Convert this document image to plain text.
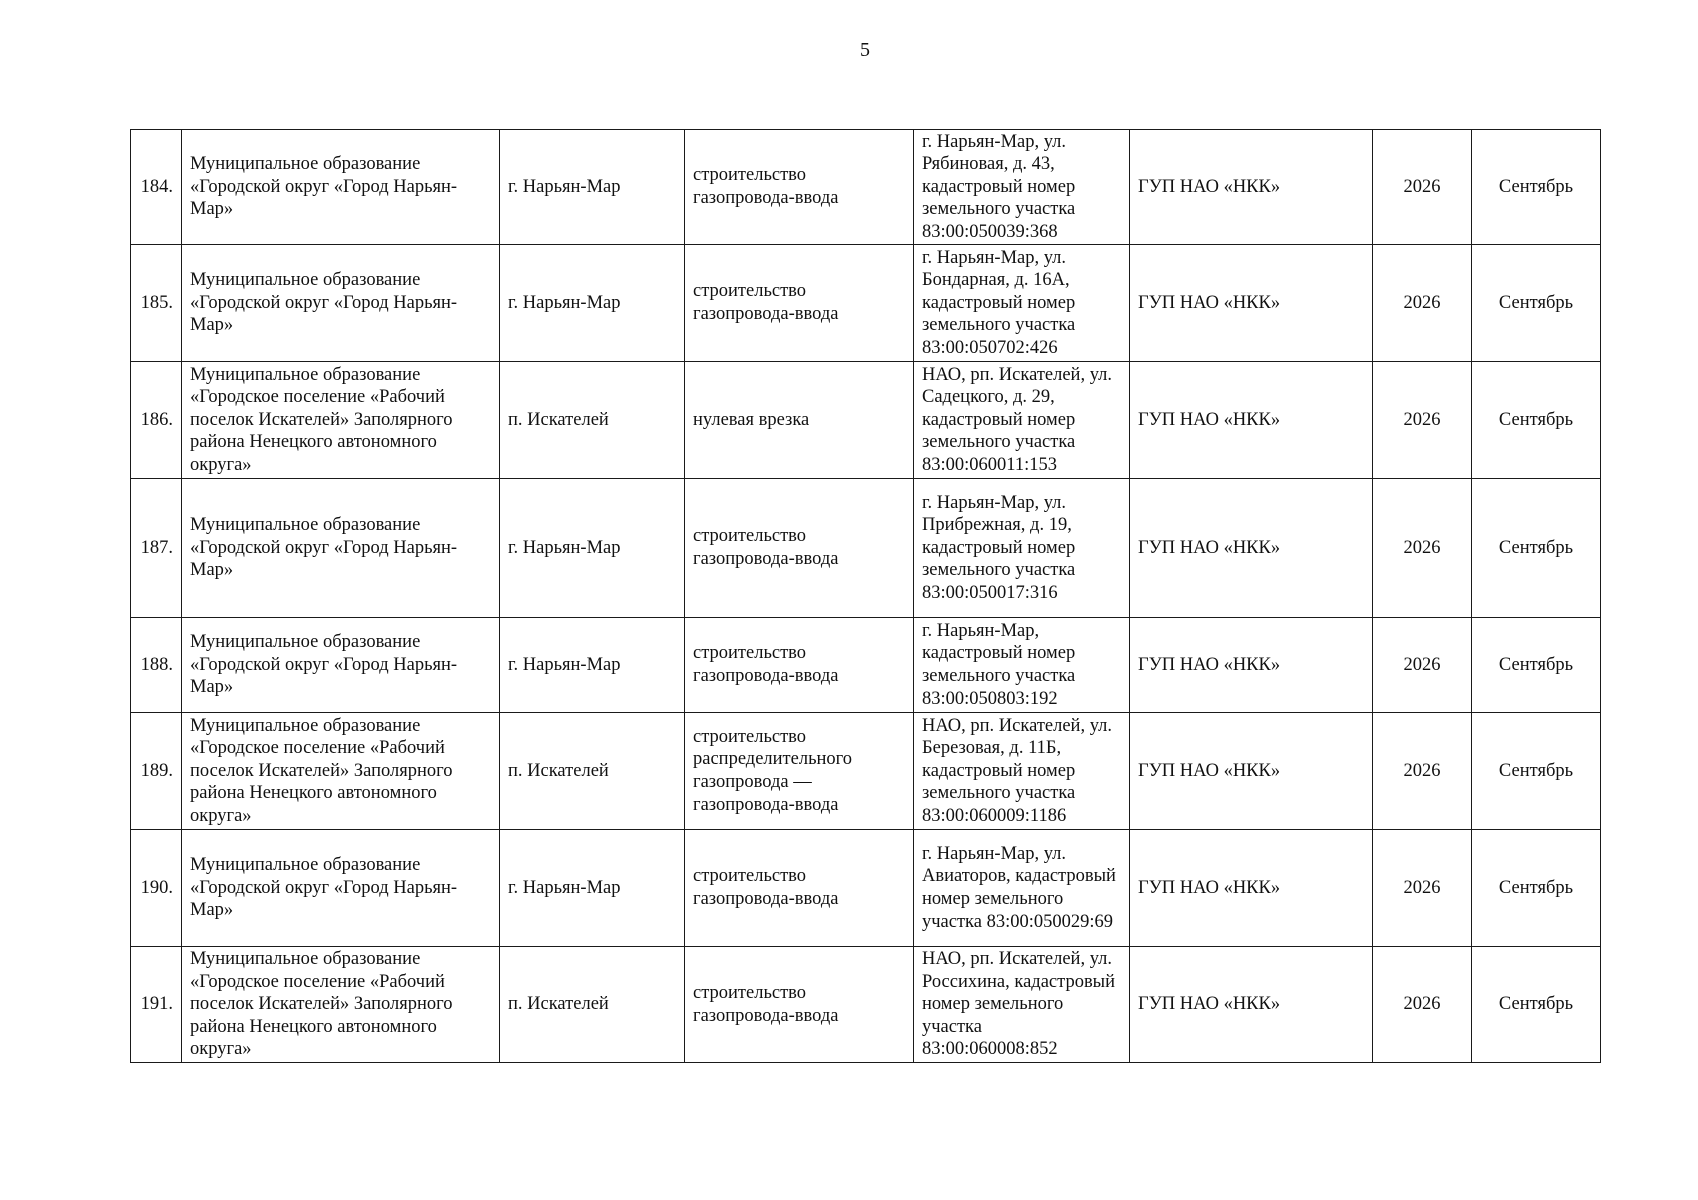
5
184.	Муниципальное образование «Городской округ «Город Нарьян-Мар»	г. Нарьян-Мар	строительство газопровода-ввода	г. Нарьян-Мар, ул. Рябиновая, д. 43, кадастровый номер земельного участка 83:00:050039:368	ГУП НАО «НКК»	2026	Сентябрь
185.	Муниципальное образование «Городской округ «Город Нарьян-Мар»	г. Нарьян-Мар	строительство газопровода-ввода	г. Нарьян-Мар, ул. Бондарная, д. 16А, кадастровый номер земельного участка 83:00:050702:426	ГУП НАО «НКК»	2026	Сентябрь
186.	Муниципальное образование «Городское поселение «Рабочий поселок Искателей» Заполярного района Ненецкого автономного округа»	п. Искателей	нулевая врезка	НАО, рп. Искателей, ул. Садецкого, д. 29, кадастровый номер земельного участка 83:00:060011:153	ГУП НАО «НКК»	2026	Сентябрь
187.	Муниципальное образование «Городской округ «Город Нарьян-Мар»	г. Нарьян-Мар	строительство газопровода-ввода	г. Нарьян-Мар, ул. Прибрежная, д. 19, кадастровый номер земельного участка 83:00:050017:316	ГУП НАО «НКК»	2026	Сентябрь
188.	Муниципальное образование «Городской округ «Город Нарьян-Мар»	г. Нарьян-Мар	строительство газопровода-ввода	г. Нарьян-Мар, кадастровый номер земельного участка 83:00:050803:192	ГУП НАО «НКК»	2026	Сентябрь
189.	Муниципальное образование «Городское поселение «Рабочий поселок Искателей» Заполярного района Ненецкого автономного округа»	п. Искателей	строительство распределительного газопровода — газопровода-ввода	НАО, рп. Искателей, ул. Березовая, д. 11Б, кадастровый номер земельного участка 83:00:060009:1186	ГУП НАО «НКК»	2026	Сентябрь
190.	Муниципальное образование «Городской округ «Город Нарьян-Мар»	г. Нарьян-Мар	строительство газопровода-ввода	г. Нарьян-Мар, ул. Авиаторов, кадастровый номер земельного участка 83:00:050029:69	ГУП НАО «НКК»	2026	Сентябрь
191.	Муниципальное образование «Городское поселение «Рабочий поселок Искателей» Заполярного района Ненецкого автономного округа»	п. Искателей	строительство газопровода-ввода	НАО, рп. Искателей, ул. Россихина, кадастровый номер земельного участка 83:00:060008:852	ГУП НАО «НКК»	2026	Сентябрь
